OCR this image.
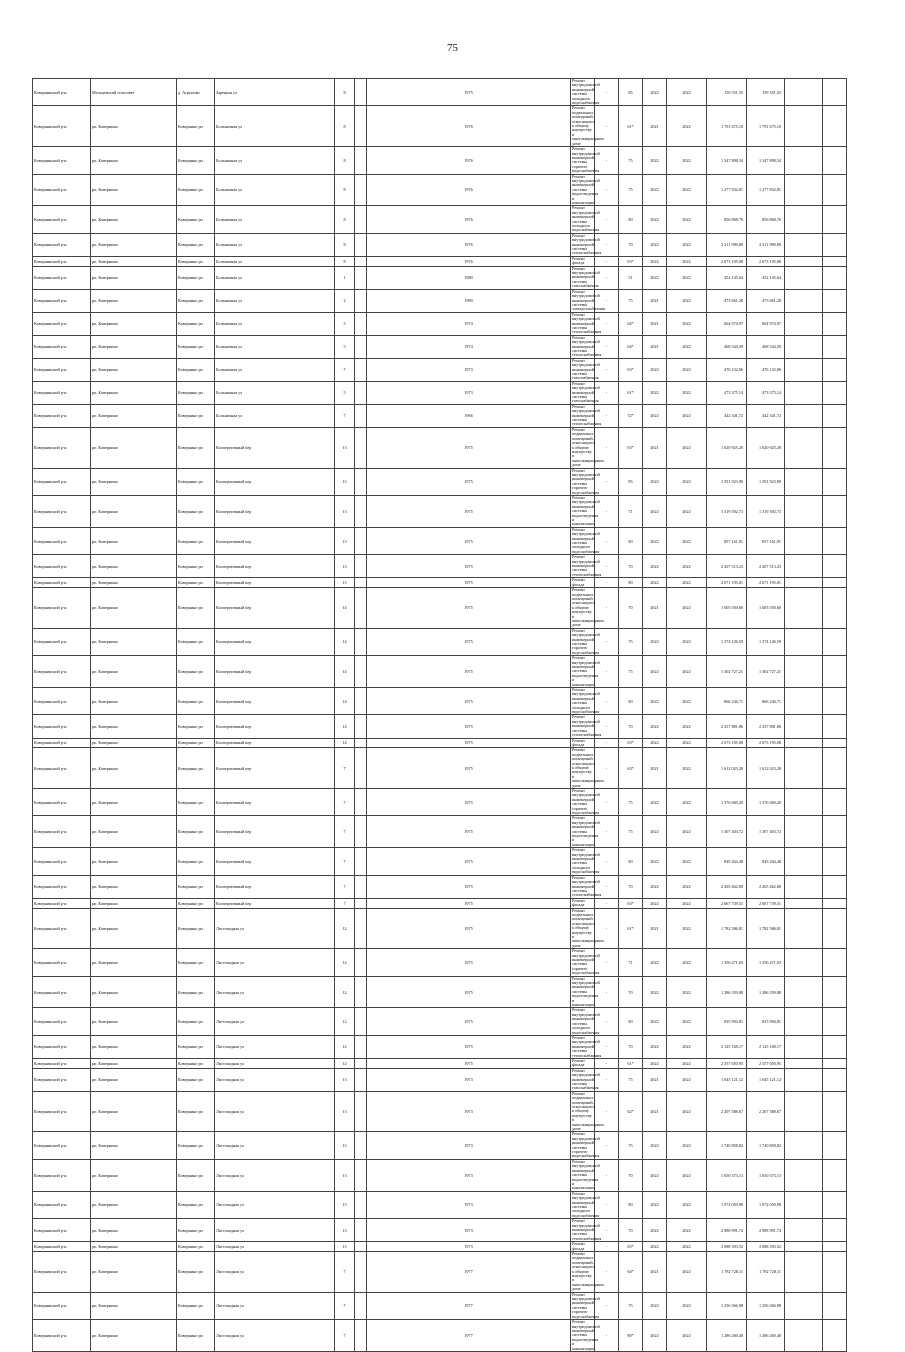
75
Ковернинский р-н	Мальцевский сельсовет	д. Агрызово	Зарецкая ул	8		1975	Ремонт внутридомовой инженерной системы холодного водоснабжения	-	85	2022	2022	159 351,55	159 351,55		
Ковернинский р-н	рп. Ковернино	Ковернино рп	Больничная ул	8		1976	Ремонт подвальных помещений, относящихся к общему имуществу в многоквартирном доме	-	61*	2021	2022	1 791 675,10	1 791 675,10		
Ковернинский р-н	рп. Ковернино	Ковернино рп	Больничная ул	8		1976	Ремонт внутридомовой инженерной системы горячего водоснабжения	-	75	2022	2022	1 347 898,54	1 347 898,54		
Ковернинский р-н	рп. Ковернино	Ковернино рп	Больничная ул	8		1976	Ремонт внутридомовой инженерной системы водоотведения и канализации	-	75	2022	2022	1 277 832,81	1 277 832,81		
Ковернинский р-н	рп. Ковернино	Ковернино рп	Больничная ул	8		1976	Ремонт внутридомовой инженерной системы холодного водоснабжения	-	80	2022	2022	856 868,76	856 868,76		
Ковернинский р-н	рп. Ковернино	Ковернино рп	Больничная ул	8		1976	Ремонт внутридомовой инженерной системы теплоснабжения	-	70	2022	2022	2 211 990,80	2 211 990,80		
Ковернинский р-н	рп. Ковернино	Ковернино рп	Больничная ул	8		1976	Ремонт фасада	-	63*	2022	2022	2 673 195,08	2 673 195,08		
Ковернинский р-н	рп. Ковернино	Ковернино рп	Больничная ул	1		1980	Ремонт внутридомовой инженерной системы газоснабжения	-	51	2022	2022	452 145,64	452 145,64		
Ковернинский р-н	рп. Ковернино	Ковернино рп	Больничная ул	2		1980	Ремонт внутридомовой инженерной системы электроснабжения	-	75	2021	2022	473 661,28	473 661,28		
Ковернинский р-н	рп. Ковернино	Ковернино рп	Больничная ул	5		1974	Ремонт внутридомовой инженерной системы теплоснабжения	-	64*	2021	2022	604 974,97	604 974,97		
Ковернинский р-н	рп. Ковернино	Ковернино рп	Больничная ул	5		1974	Ремонт внутридомовой инженерной системы теплоснабжения	-	64*	2021	2022	468 544,59	468 544,59		
Ковернинский р-н	рп. Ковернино	Ковернино рп	Больничная ул	7		1973	Ремонт внутридомовой инженерной системы газоснабжения	-	63*	2022	2022	476 132,86	476 132,86		
Ковернинский р-н	рп. Ковернино	Ковернино рп	Больничная ул	5		1973	Ремонт внутридомовой инженерной системы газоснабжения	-	61*	2022	2022	473 375,14	473 375,14		
Ковернинский р-н	рп. Ковернино	Ковернино рп	Больничная ул	7		1966	Ремонт внутридомовой инженерной системы теплоснабжения	-	72*	2022	2022	442 341,72	442 341,72		
Ковернинский р-н	рп. Ковернино	Ковернино рп	Кооперативный пер	13		1975	Ремонт подвальных помещений, относящихся к общему имуществу в многоквартирном доме	-	63*	2021	2022	1 620 925,20	1 620 925,20		
Ковернинский р-н	рп. Ковернино	Ковернино рп	Кооперативный пер	13		1975	Ремонт внутридомовой инженерной системы горячего водоснабжения	-	85	2022	2022	1 591 923,90	1 591 923,90		
Ковернинский р-н	рп. Ковернино	Ковернино рп	Кооперативный пер	13		1975	Ремонт внутридомовой инженерной системы водоотведения и канализации	-	71	2022	2022	1 319 392,73	1 319 392,73		
Ковернинский р-н	рп. Ковернино	Ковернино рп	Кооперативный пер	13		1975	Ремонт внутридомовой инженерной системы холодного водоснабжения	-	80	2022	2022	857 161,91	857 161,91		
Ковернинский р-н	рп. Ковернино	Ковернино рп	Кооперативный пер	13		1975	Ремонт внутридомовой инженерной системы теплоснабжения	-	70	2022	2022	2 207 513,23	2 207 513,23		
Ковернинский р-н	рп. Ковернино	Ковернино рп	Кооперативный пер	13		1975	Ремонт фасада	-	80	2022	2022	2 671 195,01	2 671 195,01		
Ковернинский р-н	рп. Ковернино	Ковернино рп	Кооперативный пер	14		1975	Ремонт подвальных помещений, относящихся к общему имуществу в многоквартирном доме	-	70	2021	2022	1 605 550,60	1 605 550,60		
Ковернинский р-н	рп. Ковернино	Ковернино рп	Кооперативный пер	14		1975	Ремонт внутридомовой инженерной системы горячего водоснабжения	-	75	2022	2022	1 374 126,59	1 374 126,59		
Ковернинский р-н	рп. Ковернино	Ковернино рп	Кооперативный пер	14		1975	Ремонт внутридомовой инженерной системы водоотведения и канализации	-	75	2022	2022	1 302 727,21	1 302 727,21		
Ковернинский р-н	рп. Ковернино	Ковернино рп	Кооперативный пер	14		1975	Ремонт внутридомовой инженерной системы холодного водоснабжения	-	80	2022	2022	866 236,71	866 236,71		
Ковернинский р-н	рп. Ковернино	Ковернино рп	Кооперативный пер	14		1975	Ремонт внутридомовой инженерной системы теплоснабжения	-	70	2022	2022	2 257 881,86	2 257 881,86		
Ковернинский р-н	рп. Ковернино	Ковернино рп	Кооперативный пер	14		1975	Ремонт фасада	-	63*	2022	2022	2 673 195,08	2 673 195,08		
Ковернинский р-н	рп. Ковернино	Ковернино рп	Кооперативный пер	7		1975	Ремонт подвальных помещений, относящихся к общему имуществу в многоквартирном доме	-	63*	2021	2022	1 612 023,28	1 612 023,28		
Ковернинский р-н	рп. Ковернино	Ковернино рп	Кооперативный пер	7		1975	Ремонт внутридомовой инженерной системы горячего водоснабжения	-	75	2022	2022	1 376 069,20	1 376 069,20		
Ковернинский р-н	рп. Ковернино	Ковернино рп	Кооперативный пер	7		1975	Ремонт внутридомовой инженерной системы водоотведения и канализации	-	75	2022	2022	1 307 403,72	1 307 403,72		
Ковернинский р-н	рп. Ковернино	Ковернино рп	Кооперативный пер	7		1975	Ремонт внутридомовой инженерной системы холодного водоснабжения	-	80	2022	2022	849 264,48	849 264,48		
Ковернинский р-н	рп. Ковернино	Ковернино рп	Кооперативный пер	7		1975	Ремонт внутридомовой инженерной системы теплоснабжения	-	70	2022	2022	2 265 462,80	2 265 462,80		
Ковернинский р-н	рп. Ковернино	Ковернино рп	Кооперативный пер	7		1975	Ремонт фасада	-	63*	2022	2022	2 667 739,51	2 667 739,51		
Ковернинский р-н	рп. Ковернино	Ковернино рп	Листопадная ул	12		1975	Ремонт подвальных помещений, относящихся к общему имуществу в многоквартирном доме	-	61*	2021	2022	1 782 586,81	1 782 586,81		
Ковернинский р-н	рп. Ковернино	Ковернино рп	Листопадная ул	12		1975	Ремонт внутридомовой инженерной системы горячего водоснабжения	-	71	2022	2022	1 356 471,03	1 356 471,03		
Ковернинский р-н	рп. Ковернино	Ковернино рп	Листопадная ул	12		1975	Ремонт внутридомовой инженерной системы водоотведения и канализации	-	70	2022	2022	1 286 359,88	1 286 359,88		
Ковернинский р-н	рп. Ковернино	Ковернино рп	Листопадная ул	12		1975	Ремонт внутридомовой инженерной системы холодного водоснабжения	-	80	2022	2022	835 994,81	835 994,81		
Ковернинский р-н	рп. Ковернино	Ковернино рп	Листопадная ул	12		1975	Ремонт внутридомовой инженерной системы теплоснабжения	-	70	2022	2022	2 125 168,17	2 125 168,17		
Ковернинский р-н	рп. Ковернино	Ковернино рп	Листопадная ул	12		1975	Ремонт фасада	-	61*	2022	2022	2 557 650,95	2 557 650,95		
Ковернинский р-н	рп. Ковернино	Ковернино рп	Листопадная ул	13		1973	Ремонт внутридомовой инженерной системы газоснабжения	-	75	2021	2022	1 645 121,12	1 645 121,12		
Ковернинский р-н	рп. Ковернино	Ковернино рп	Листопадная ул	13		1973	Ремонт подвальных помещений, относящихся к общему имуществу в многоквартирном доме	-	62*	2021	2022	2 207 388,67	2 207 388,67		
Ковернинский р-н	рп. Ковернино	Ковернино рп	Листопадная ул	13		1973	Ремонт внутридомовой инженерной системы горячего водоснабжения	-	75	2022	2022	1 740 858,82	1 740 858,82		
Ковернинский р-н	рп. Ковернино	Ковернино рп	Листопадная ул	13		1973	Ремонт внутридомовой инженерной системы водоотведения и канализации	-	70	2022	2022	1 650 373,13	1 650 373,13		
Ковернинский р-н	рп. Ковернино	Ковернино рп	Листопадная ул	13		1973	Ремонт внутридомовой инженерной системы холодного водоснабжения	-	80	2022	2022	1 072 050,98	1 072 050,98		
Ковернинский р-н	рп. Ковернино	Ковернино рп	Листопадная ул	13		1973	Ремонт внутридомовой инженерной системы теплоснабжения	-	70	2022	2022	2 988 991,74	2 988 991,74		
Ковернинский р-н	рп. Ковернино	Ковернино рп	Листопадная ул	13		1973	Ремонт фасада	-	65*	2022	2022	3 088 393,52	3 088 393,52		
Ковернинский р-н	рп. Ковернино	Ковернино рп	Листопадная ул	7		1977	Ремонт подвальных помещений, относящихся к общему имуществу в многоквартирном доме	-	64*	2021	2022	1 782 728,11	1 782 728,11		
Ковернинский р-н	рп. Ковернино	Ковернино рп	Листопадная ул	7		1977	Ремонт внутридомовой инженерной системы горячего водоснабжения	-	75	2022	2022	1 256 366,98	1 256 366,98		
Ковернинский р-н	рп. Ковернино	Ковернино рп	Листопадная ул	7		1977	Ремонт внутридомовой инженерной системы водоотведения и канализации	-	80*	2022	2022	1 286 260,40	1 286 260,40		
